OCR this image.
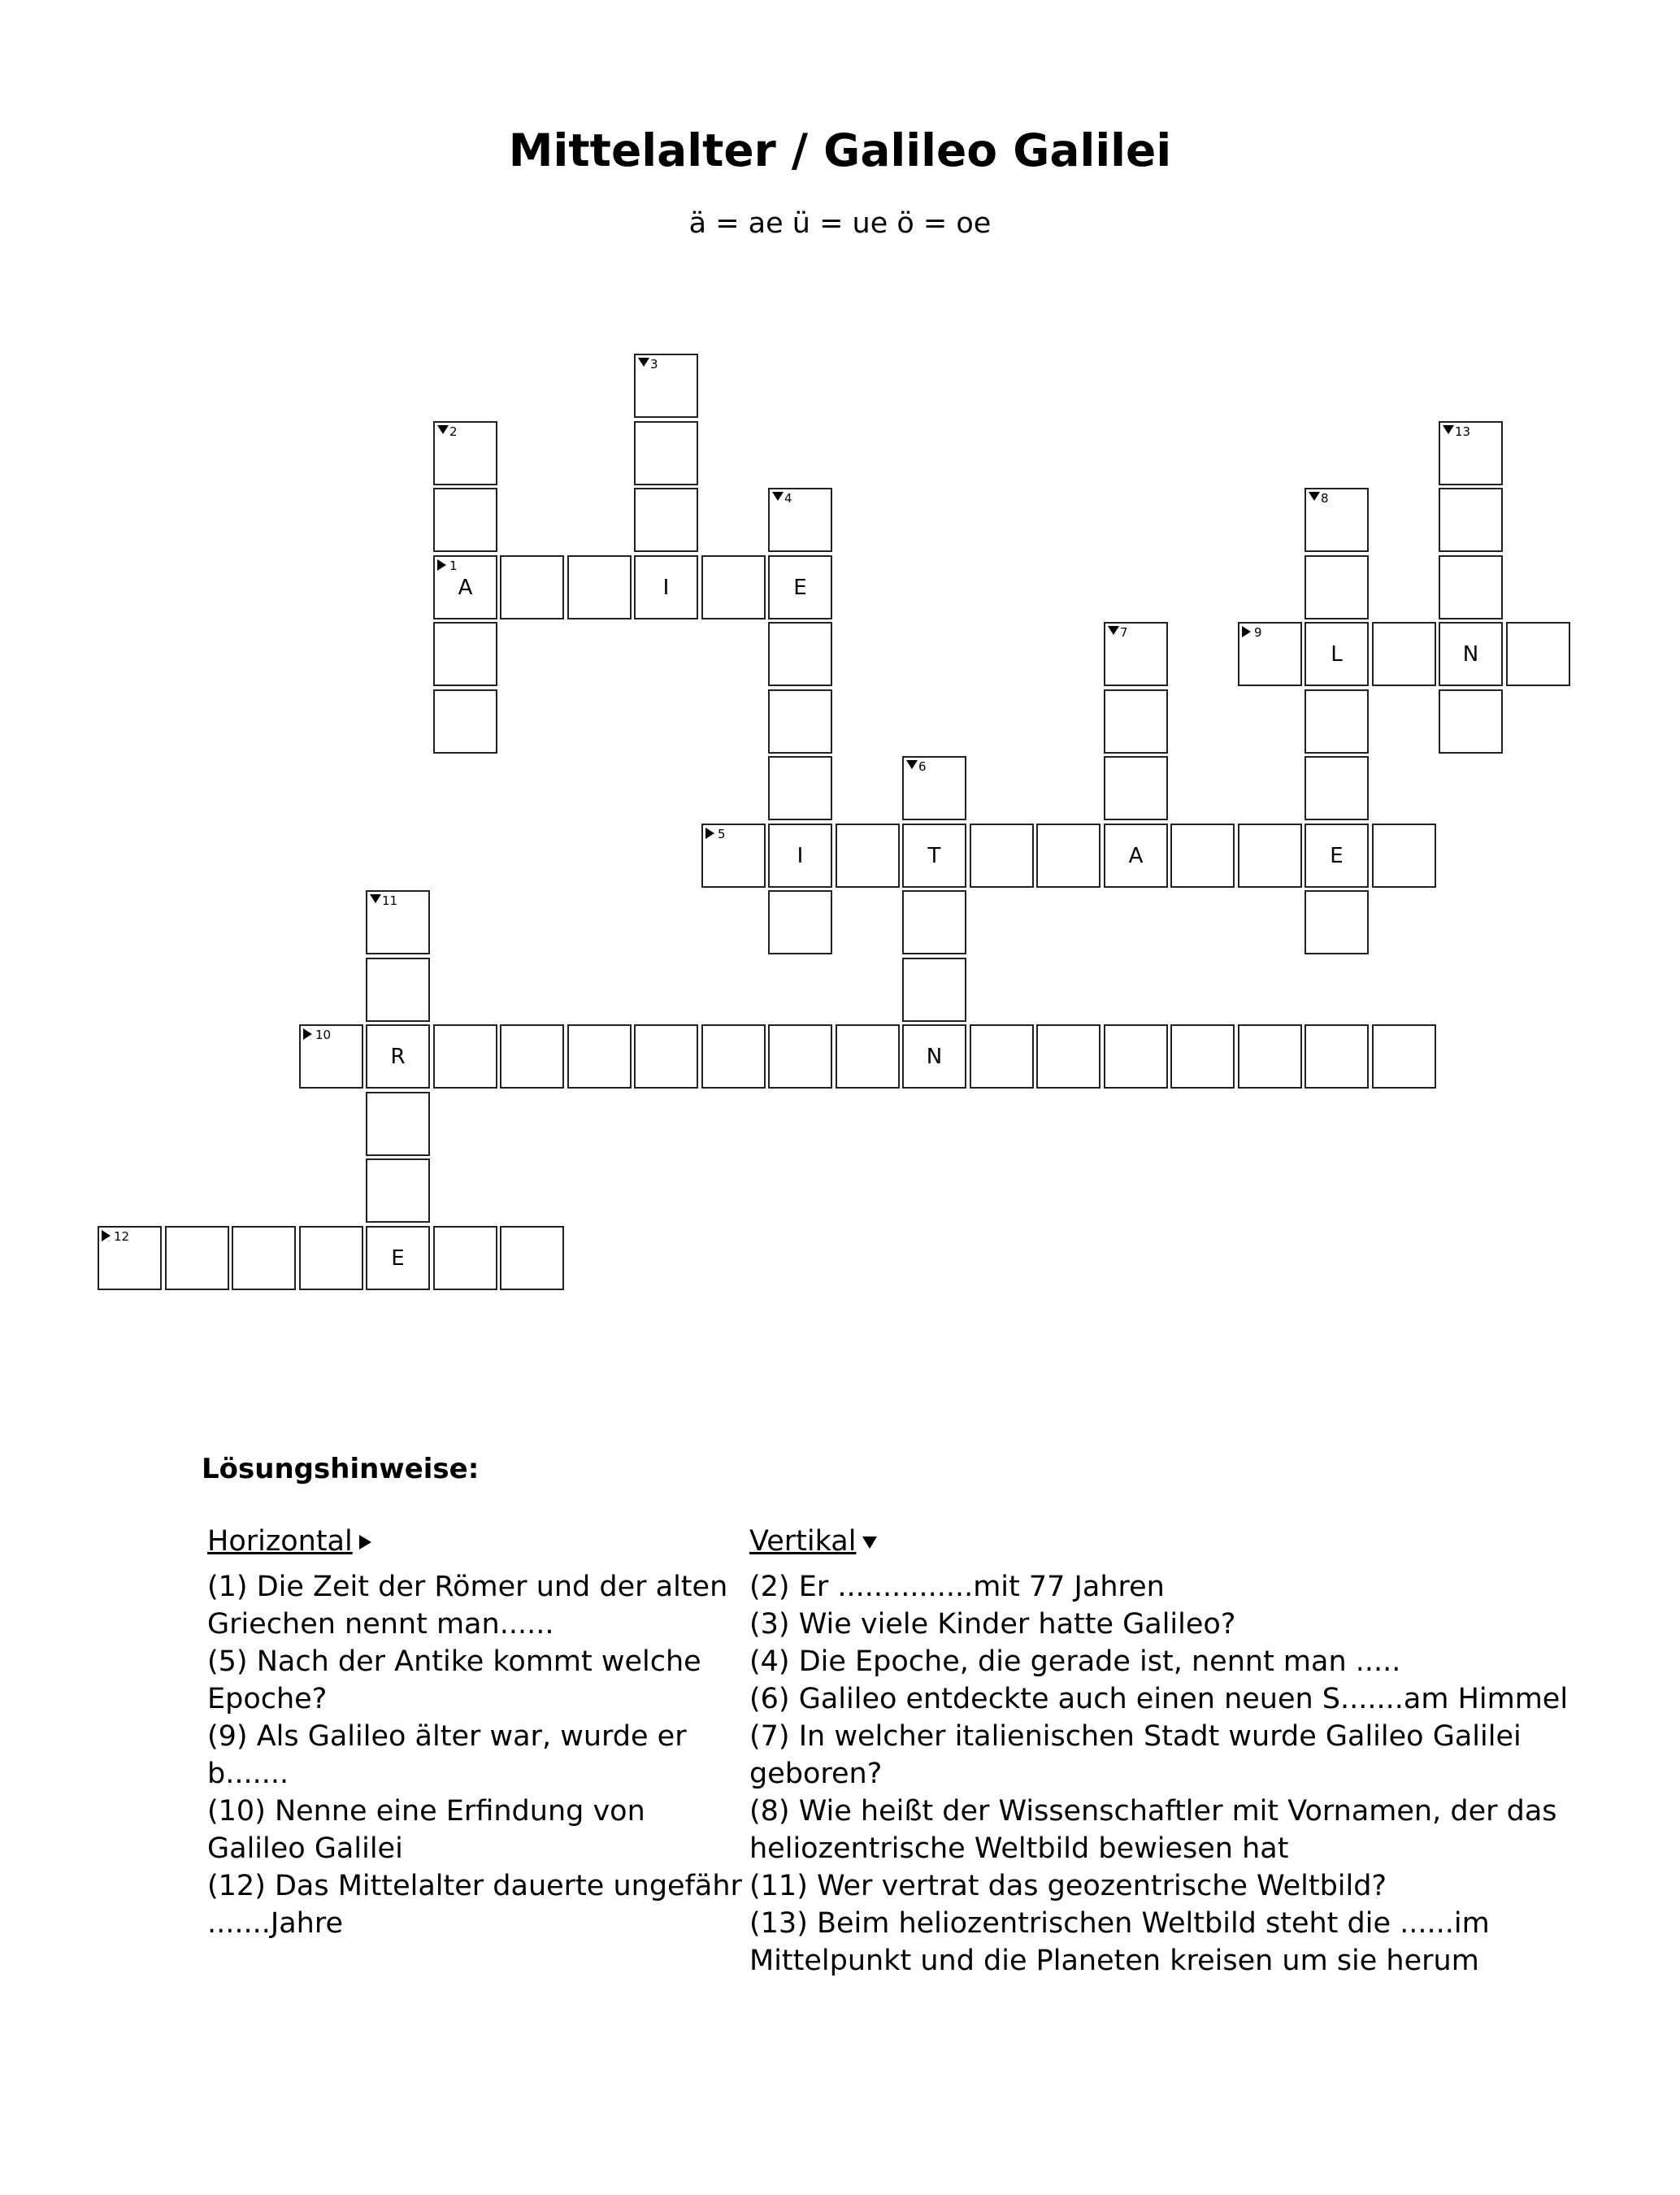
Mittelalter / Galileo Galilei
ä = ae ü = ue ö = oe
3
2	13
4	8
1
A	I	E
7	9
L	N
6
5
I	T	A	E
11
10
R	N
12
E
Lösungshinweise:
Horizontal
(1) Die Zeit der Römer und der alten Griechen nennt man......
(5) Nach der Antike kommt welche Epoche?
(9) Als Galileo älter war, wurde er b.......
(10) Nenne eine Erfindung von Galileo Galilei
(12) Das Mittelalter dauerte ungefähr .......Jahre
Vertikal
(2) Er ...............mit 77 Jahren
(3) Wie viele Kinder hatte Galileo?
(4) Die Epoche, die gerade ist, nennt man .....
(6) Galileo entdeckte auch einen neuen S.......am Himmel
(7) In welcher italienischen Stadt wurde Galileo Galilei geboren?
(8) Wie heißt der Wissenschaftler mit Vornamen, der das heliozentrische Weltbild bewiesen hat
(11) Wer vertrat das geozentrische Weltbild?
(13) Beim heliozentrischen Weltbild steht die ......im Mittelpunkt und die Planeten kreisen um sie herum
